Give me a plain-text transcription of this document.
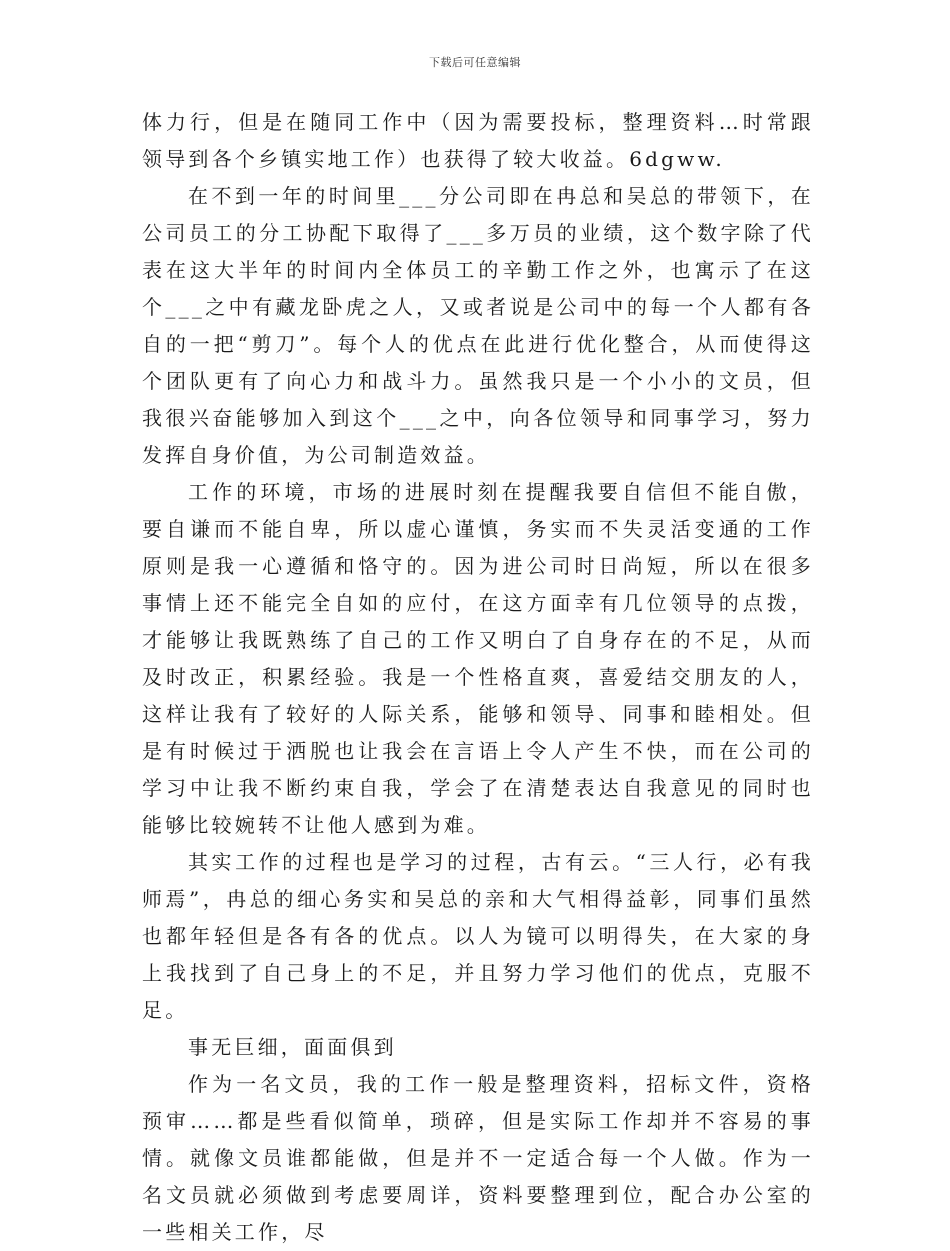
下载后可任意编辑

体力行，但是在随同工作中（因为需要投标，整理资料…时常跟领导到各个乡镇实地工作）也获得了较大收益。6dgww.

在不到一年的时间里___分公司即在冉总和吴总的带领下，在公司员工的分工协配下取得了___多万员的业绩，这个数字除了代表在这大半年的时间内全体员工的辛勤工作之外，也寓示了在这个___之中有藏龙卧虎之人，又或者说是公司中的每一个人都有各自的一把“剪刀”。每个人的优点在此进行优化整合，从而使得这个团队更有了向心力和战斗力。虽然我只是一个小小的文员，但我很兴奋能够加入到这个___之中，向各位领导和同事学习，努力发挥自身价值，为公司制造效益。

工作的环境，市场的进展时刻在提醒我要自信但不能自傲，要自谦而不能自卑，所以虚心谨慎，务实而不失灵活变通的工作原则是我一心遵循和恪守的。因为进公司时日尚短，所以在很多事情上还不能完全自如的应付，在这方面幸有几位领导的点拨，才能够让我既熟练了自己的工作又明白了自身存在的不足，从而及时改正，积累经验。我是一个性格直爽，喜爱结交朋友的人，这样让我有了较好的人际关系，能够和领导、同事和睦相处。但是有时候过于洒脱也让我会在言语上令人产生不快，而在公司的学习中让我不断约束自我，学会了在清楚表达自我意见的同时也能够比较婉转不让他人感到为难。

其实工作的过程也是学习的过程，古有云。“三人行，必有我师焉”，冉总的细心务实和吴总的亲和大气相得益彰，同事们虽然也都年轻但是各有各的优点。以人为镜可以明得失，在大家的身上我找到了自己身上的不足，并且努力学习他们的优点，克服不足。

事无巨细，面面俱到

作为一名文员，我的工作一般是整理资料，招标文件，资格预审……都是些看似简单，琐碎，但是实际工作却并不容易的事情。就像文员谁都能做，但是并不一定适合每一个人做。作为一名文员就必须做到考虑要周详，资料要整理到位，配合办公室的一些相关工作，尽
